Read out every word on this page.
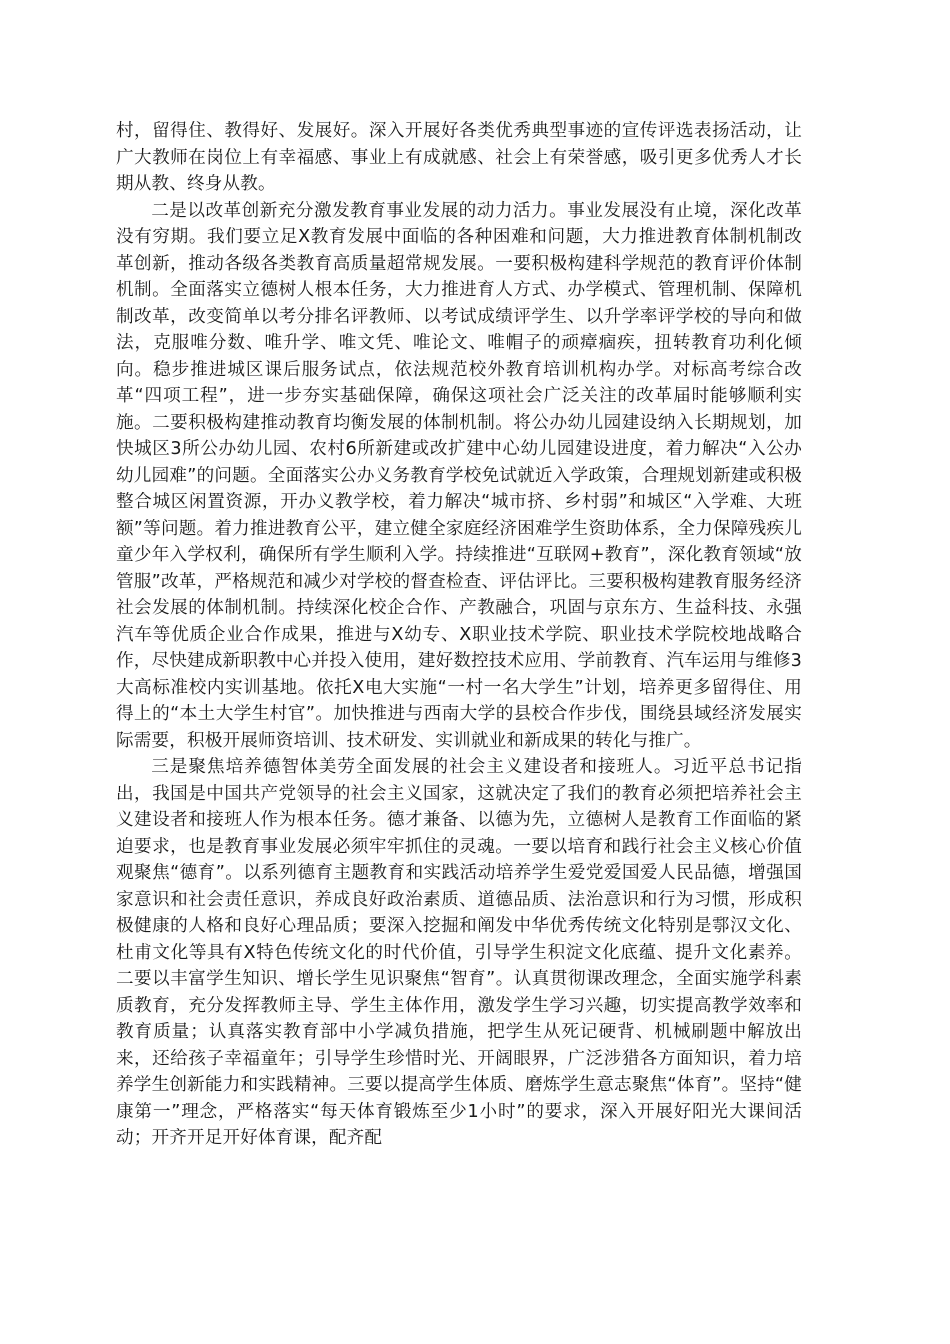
村，留得住、教得好、发展好。深入开展好各类优秀典型事迹的宣传评选表扬活动，让广大教师在岗位上有幸福感、事业上有成就感、社会上有荣誉感，吸引更多优秀人才长期从教、终身从教。

二是以改革创新充分激发教育事业发展的动力活力。事业发展没有止境，深化改革没有穷期。我们要立足X教育发展中面临的各种困难和问题，大力推进教育体制机制改革创新，推动各级各类教育高质量超常规发展。一要积极构建科学规范的教育评价体制机制。全面落实立德树人根本任务，大力推进育人方式、办学模式、管理机制、保障机制改革，改变简单以考分排名评教师、以考试成绩评学生、以升学率评学校的导向和做法，克服唯分数、唯升学、唯文凭、唯论文、唯帽子的顽瘴痼疾，扭转教育功利化倾向。稳步推进城区课后服务试点，依法规范校外教育培训机构办学。对标高考综合改革“四项工程”，进一步夯实基础保障，确保这项社会广泛关注的改革届时能够顺利实施。二要积极构建推动教育均衡发展的体制机制。将公办幼儿园建设纳入长期规划，加快城区3所公办幼儿园、农村6所新建或改扩建中心幼儿园建设进度，着力解决“入公办幼儿园难”的问题。全面落实公办义务教育学校免试就近入学政策，合理规划新建或积极整合城区闲置资源，开办义教学校，着力解决“城市挤、乡村弱”和城区“入学难、大班额”等问题。着力推进教育公平，建立健全家庭经济困难学生资助体系，全力保障残疾儿童少年入学权利，确保所有学生顺利入学。持续推进“互联网+教育”，深化教育领域“放管服”改革，严格规范和减少对学校的督查检查、评估评比。三要积极构建教育服务经济社会发展的体制机制。持续深化校企合作、产教融合，巩固与京东方、生益科技、永强汽车等优质企业合作成果，推进与X幼专、X职业技术学院、职业技术学院校地战略合作，尽快建成新职教中心并投入使用，建好数控技术应用、学前教育、汽车运用与维修3大高标准校内实训基地。依托X电大实施“一村一名大学生”计划，培养更多留得住、用得上的“本土大学生村官”。加快推进与西南大学的县校合作步伐，围绕县域经济发展实际需要，积极开展师资培训、技术研发、实训就业和新成果的转化与推广。

三是聚焦培养德智体美劳全面发展的社会主义建设者和接班人。习近平总书记指出，我国是中国共产党领导的社会主义国家，这就决定了我们的教育必须把培养社会主义建设者和接班人作为根本任务。德才兼备、以德为先，立德树人是教育工作面临的紧迫要求，也是教育事业发展必须牢牢抓住的灵魂。一要以培育和践行社会主义核心价值观聚焦“德育”。以系列德育主题教育和实践活动培养学生爱党爱国爱人民品德，增强国家意识和社会责任意识，养成良好政治素质、道德品质、法治意识和行为习惯，形成积极健康的人格和良好心理品质；要深入挖掘和阐发中华优秀传统文化特别是鄠汉文化、杜甫文化等具有X特色传统文化的时代价值，引导学生积淀文化底蕴、提升文化素养。二要以丰富学生知识、增长学生见识聚焦“智育”。认真贯彻课改理念，全面实施学科素质教育，充分发挥教师主导、学生主体作用，激发学生学习兴趣，切实提高教学效率和教育质量；认真落实教育部中小学减负措施，把学生从死记硬背、机械刷题中解放出来，还给孩子幸福童年；引导学生珍惜时光、开阔眼界，广泛涉猎各方面知识，着力培养学生创新能力和实践精神。三要以提高学生体质、磨炼学生意志聚焦“体育”。坚持“健康第一”理念，严格落实“每天体育锻炼至少1小时”的要求，深入开展好阳光大课间活动；开齐开足开好体育课，配齐配
